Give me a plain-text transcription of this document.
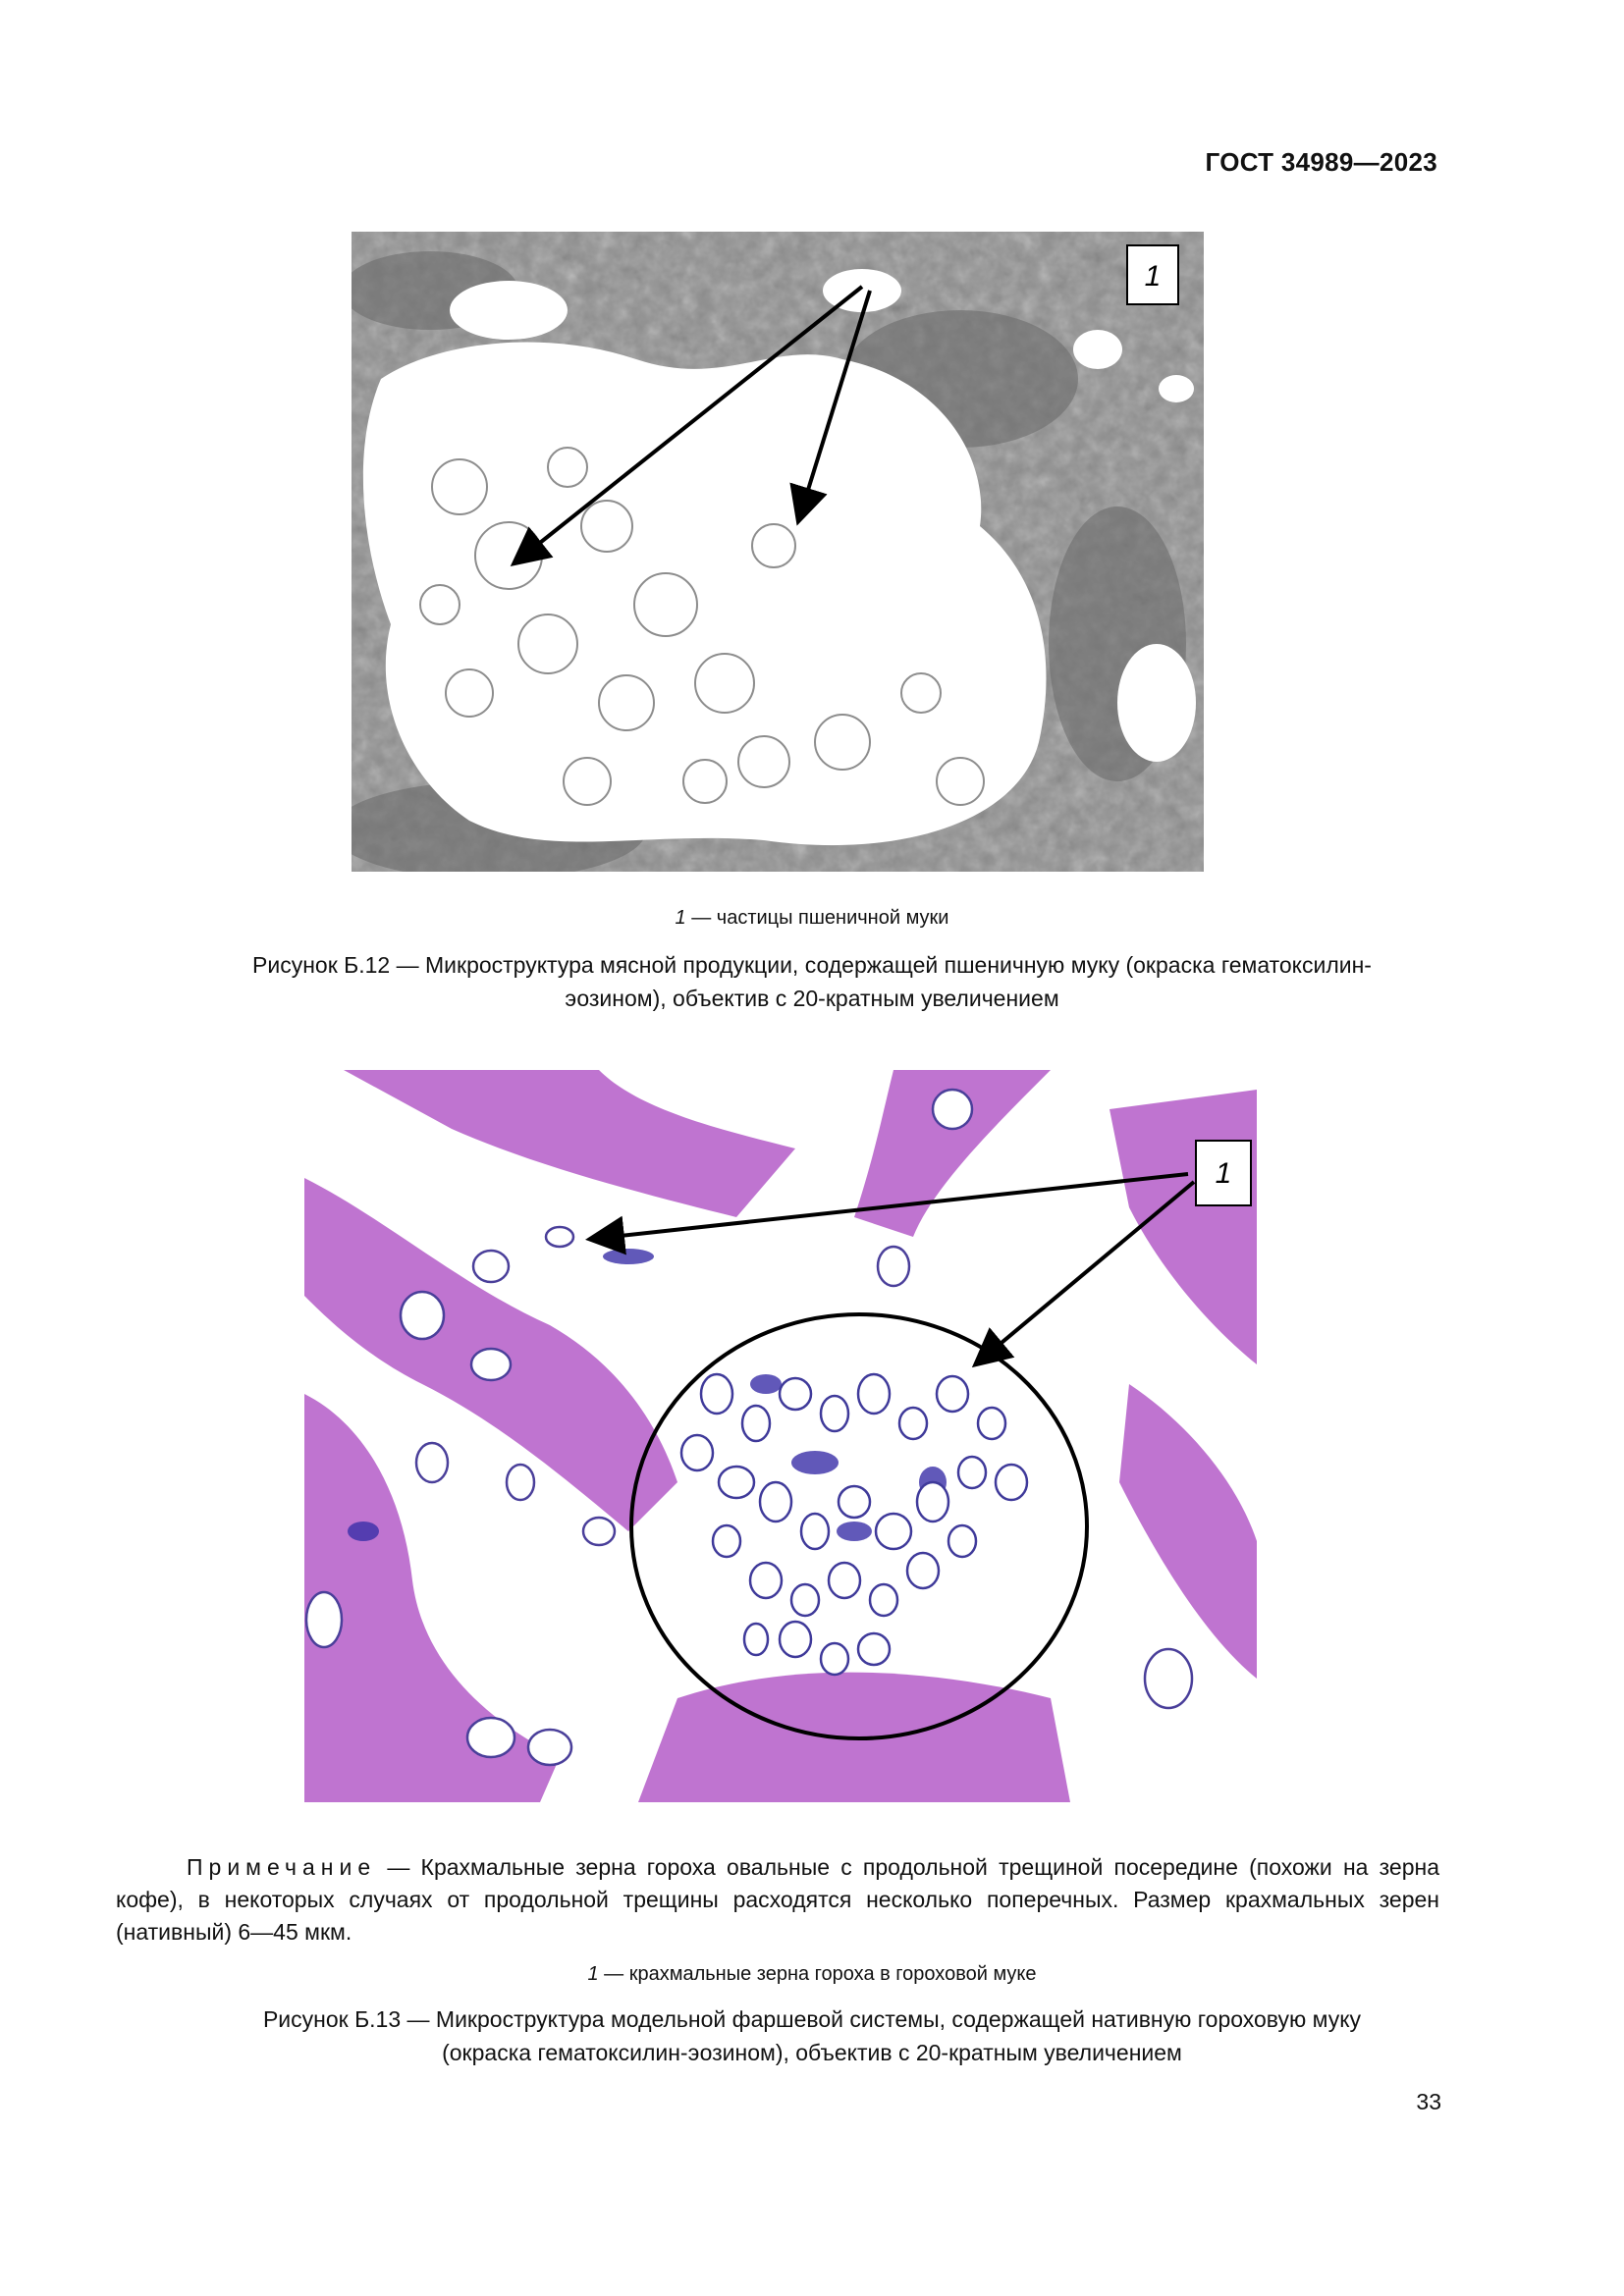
ГОСТ 34989—2023
1
1 — частицы пшеничной муки
Рисунок Б.12 — Микроструктура мясной продукции, содержащей пшеничную муку (окраска гематоксилин-
эозином), объектив с 20-кратным увеличением
1
Примечание — Крахмальные зерна гороха овальные с продольной трещиной посередине (похожи на зерна кофе), в некоторых случаях от продольной трещины расходятся несколько поперечных. Размер крахмальных зерен (нативный) 6—45 мкм.
1 — крахмальные зерна гороха в гороховой муке
Рисунок Б.13 — Микроструктура модельной фаршевой системы, содержащей нативную гороховую муку
(окраска гематоксилин-эозином), объектив с 20-кратным увеличением
33
